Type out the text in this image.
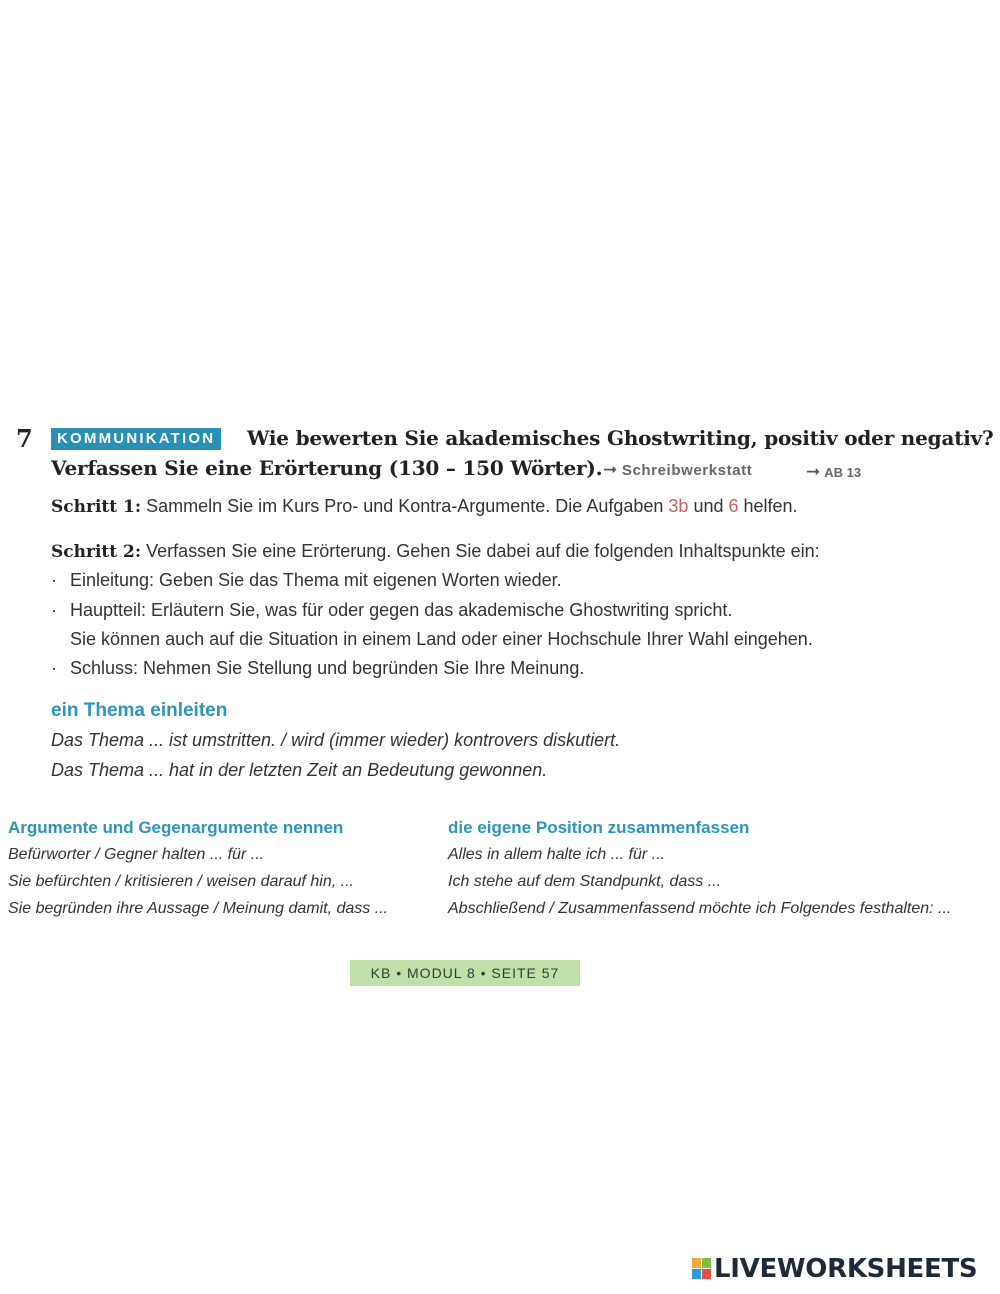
7	KOMMUNIKATION	Wie bewerten Sie akademisches Ghostwriting, positiv oder negativ?
Verfassen Sie eine Erörterung (130 – 150 Wörter). ➞ Schreibwerkstatt	➞ AB 13
Schritt 1: Sammeln Sie im Kurs Pro- und Kontra-Argumente. Die Aufgaben 3b und 6 helfen.
Schritt 2: Verfassen Sie eine Erörterung. Gehen Sie dabei auf die folgenden Inhaltspunkte ein:
· Einleitung: Geben Sie das Thema mit eigenen Worten wieder.
· Hauptteil: Erläutern Sie, was für oder gegen das akademische Ghostwriting spricht.
Sie können auch auf die Situation in einem Land oder einer Hochschule Ihrer Wahl eingehen.
· Schluss: Nehmen Sie Stellung und begründen Sie Ihre Meinung.
ein Thema einleiten
Das Thema ... ist umstritten. / wird (immer wieder) kontrovers diskutiert.
Das Thema ... hat in der letzten Zeit an Bedeutung gewonnen.
Argumente und Gegenargumente nennen
Befürworter / Gegner halten ... für ...
Sie befürchten / kritisieren / weisen darauf hin, ...
Sie begründen ihre Aussage / Meinung damit, dass ...
die eigene Position zusammenfassen
Alles in allem halte ich ... für ...
Ich stehe auf dem Standpunkt, dass ...
Abschließend / Zusammenfassend möchte ich Folgendes festhalten: ...
KB • MODUL 8 • SEITE 57
LIVEWORKSHEETS
